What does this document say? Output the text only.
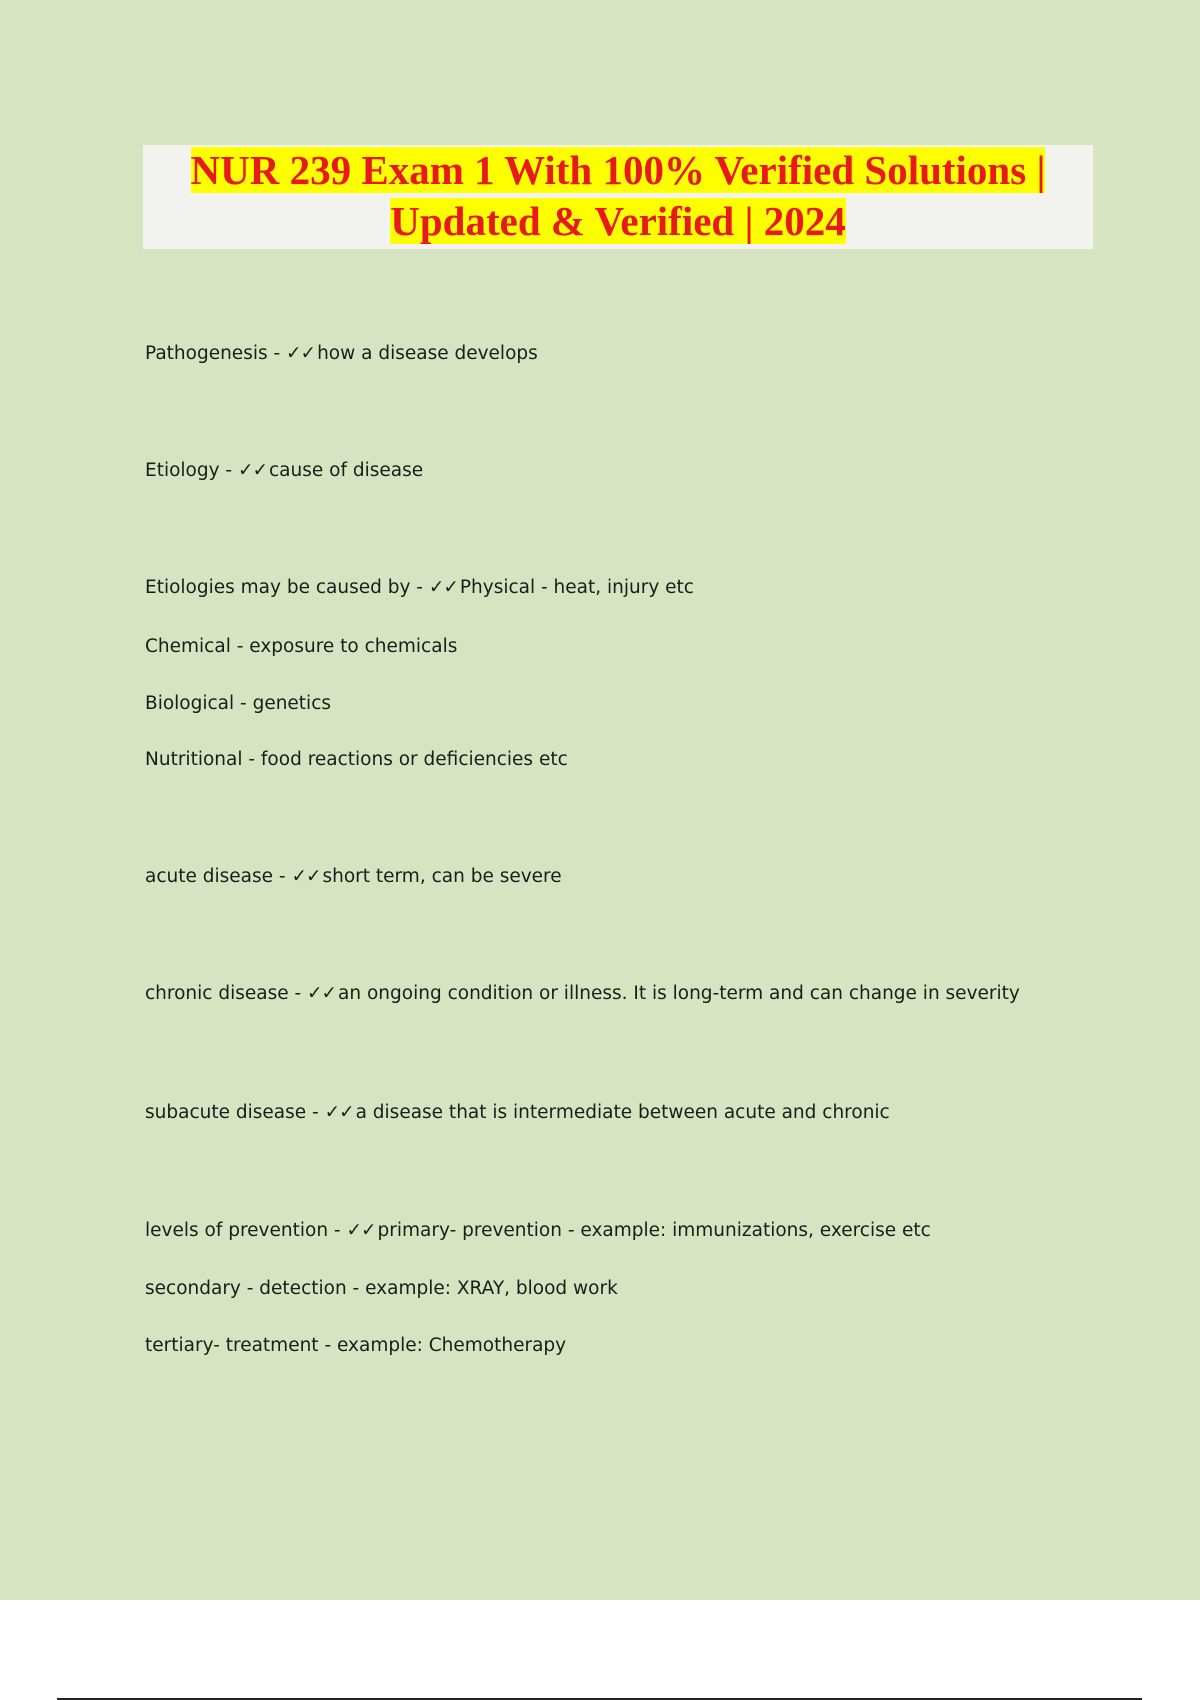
NUR 239 Exam 1 With 100% Verified Solutions |
Updated & Verified | 2024
Pathogenesis - ✓✓ how a disease develops
Etiology - ✓✓ cause of disease
Etiologies may be caused by - ✓✓ Physical - heat, injury etc
Chemical - exposure to chemicals
Biological - genetics
Nutritional - food reactions or deficiencies etc
acute disease - ✓✓ short term, can be severe
chronic disease - ✓✓ an ongoing condition or illness. It is long-term and can change in severity
subacute disease - ✓✓ a disease that is intermediate between acute and chronic
levels of prevention - ✓✓ primary- prevention - example: immunizations, exercise etc
secondary - detection - example: XRAY, blood work
tertiary- treatment - example: Chemotherapy
